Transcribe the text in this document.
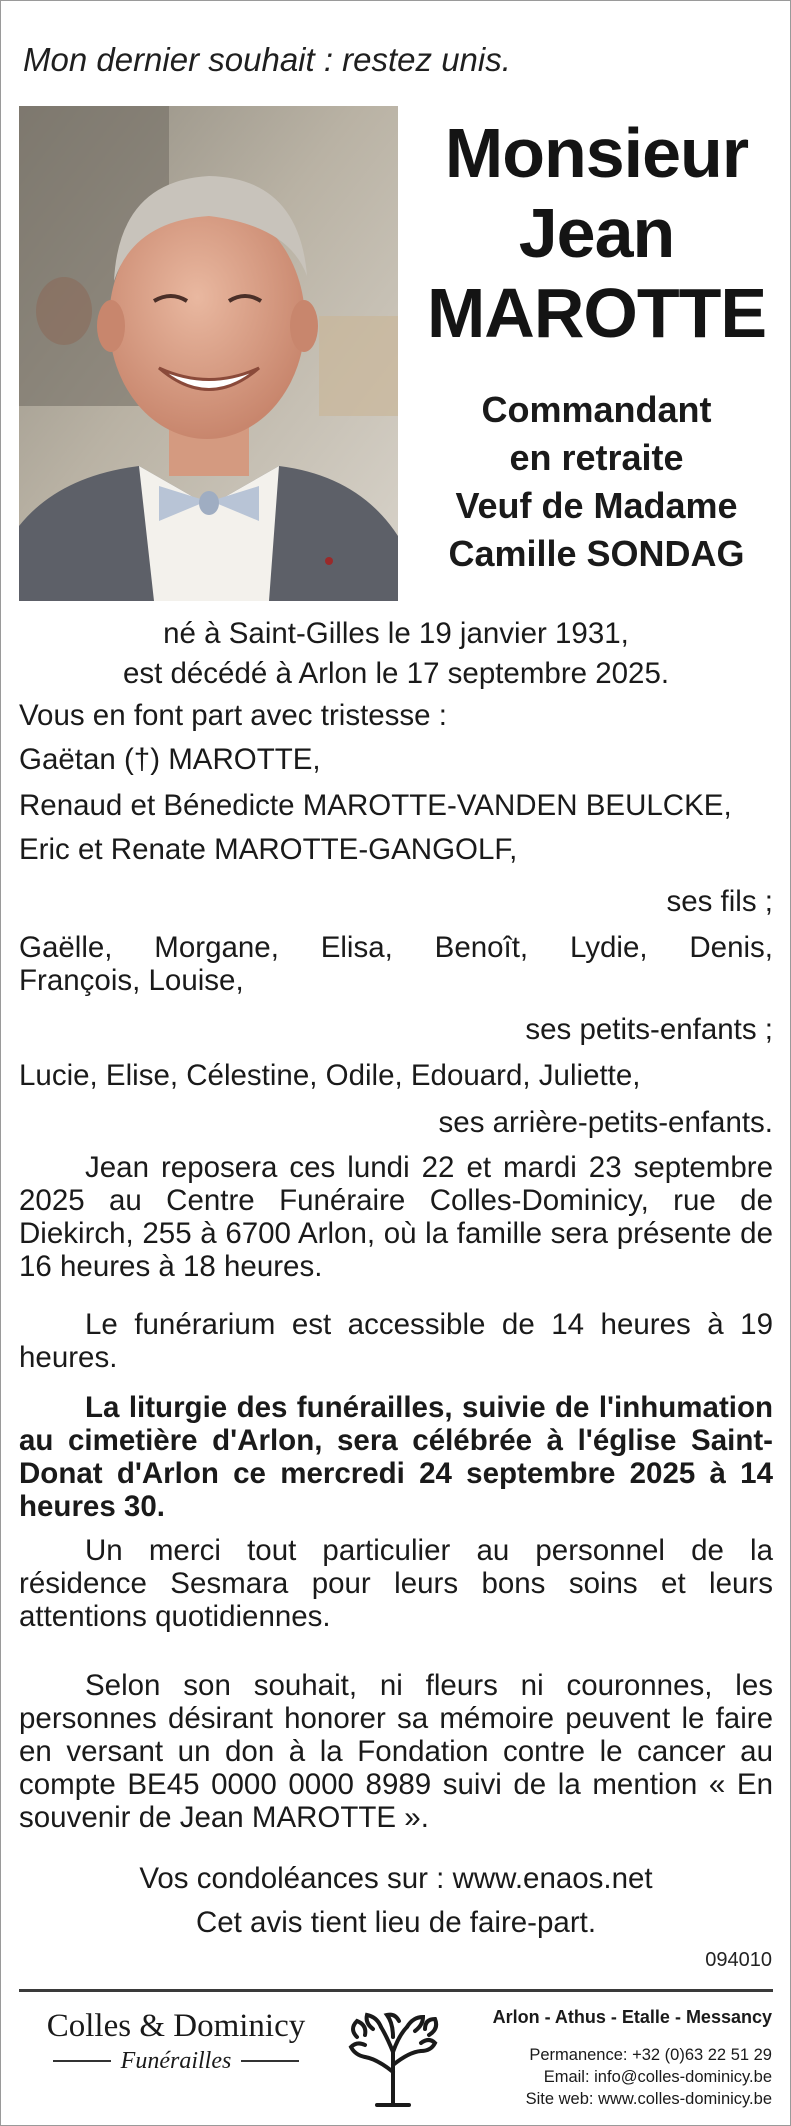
Mon dernier souhait : restez unis.
Monsieur
Jean
MAROTTE
Commandant
en retraite
Veuf de Madame
Camille SONDAG
né à Saint-Gilles le 19 janvier 1931,
est décédé à Arlon le 17 septembre 2025.
Vous en font part avec tristesse :
Gaëtan (†) MAROTTE,
Renaud et Bénedicte MAROTTE-VANDEN BEULCKE,
Eric et Renate MAROTTE-GANGOLF,
ses fils ;
Gaëlle, Morgane, Elisa, Benoît, Lydie, Denis,
François, Louise,
ses petits-enfants ;
Lucie, Elise, Célestine, Odile, Edouard, Juliette,
ses arrière-petits-enfants.
Jean reposera ces lundi 22 et mardi 23 septembre 2025 au Centre Funéraire Colles-Dominicy, rue de Diekirch, 255 à 6700 Arlon, où la famille sera présente de 16 heures à 18 heures.
Le funérarium est accessible de 14 heures à 19 heures.
La liturgie des funérailles, suivie de l'inhumation au cimetière d'Arlon, sera célébrée à l'église Saint-Donat d'Arlon ce mercredi 24 septembre 2025 à 14 heures 30.
Un merci tout particulier au personnel de la résidence Sesmara pour leurs bons soins et leurs attentions quotidiennes.
Selon son souhait, ni fleurs ni couronnes, les personnes désirant honorer sa mémoire peuvent le faire en versant un don à la Fondation contre le cancer au compte BE45 0000 0000 8989 suivi de la mention « En souvenir de Jean MAROTTE ».
Vos condoléances sur : www.enaos.net
Cet avis tient lieu de faire-part.
094010
Colles & Dominicy
Funérailles
Arlon - Athus - Etalle - Messancy
Permanence: +32 (0)63 22 51 29
Email: info@colles-dominicy.be
Site web: www.colles-dominicy.be
